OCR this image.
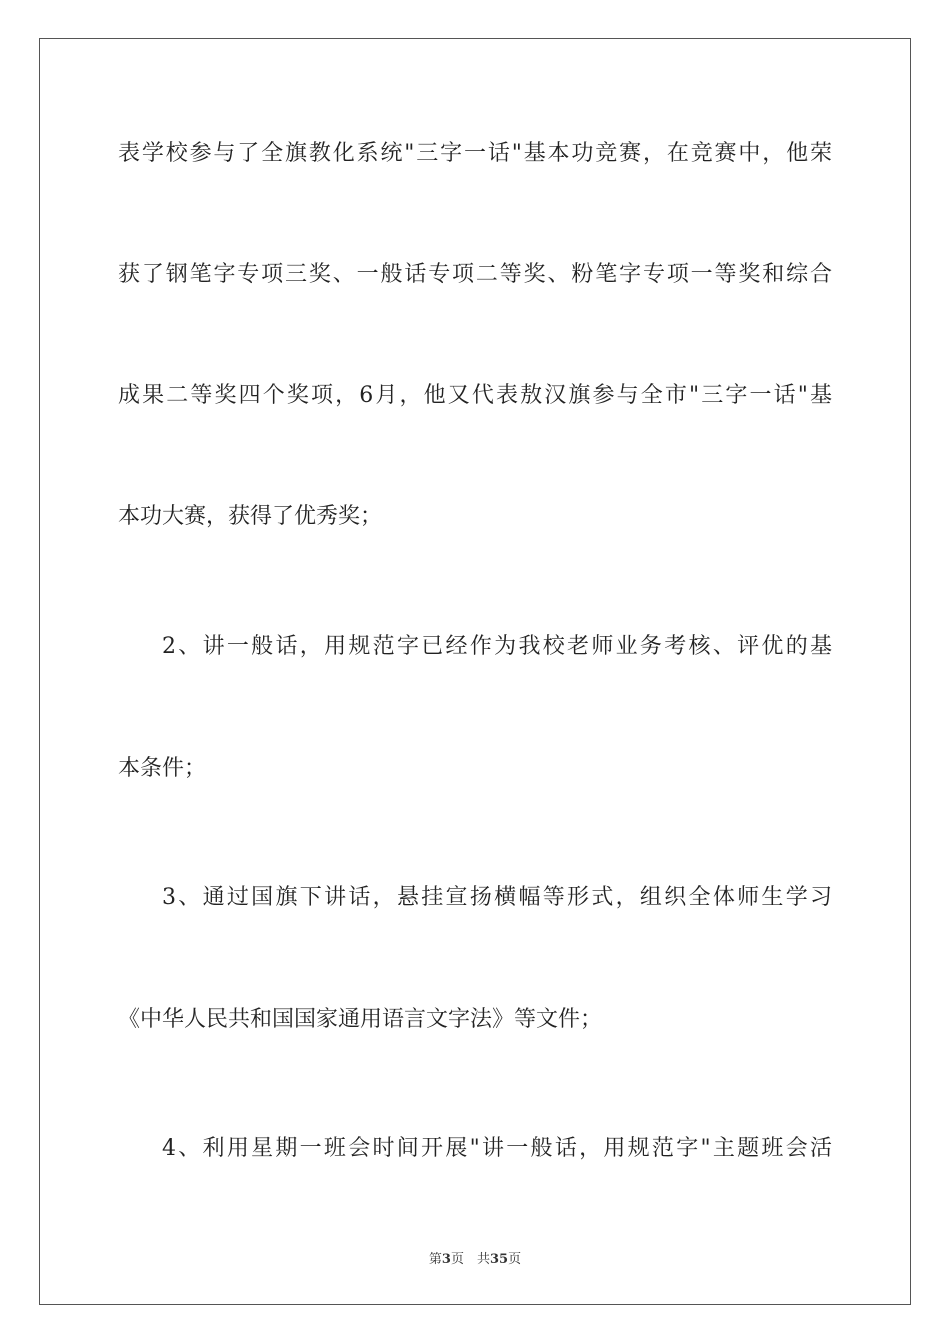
表学校参与了全旗教化系统"三字一话"基本功竞赛，在竞赛中，他荣
获了钢笔字专项三奖、一般话专项二等奖、粉笔字专项一等奖和综合
成果二等奖四个奖项，6月，他又代表敖汉旗参与全市"三字一话"基
本功大赛，获得了优秀奖；
2、讲一般话，用规范字已经作为我校老师业务考核、评优的基
本条件；
3、通过国旗下讲话，悬挂宣扬横幅等形式，组织全体师生学习
《中华人民共和国国家通用语言文字法》等文件；
4、利用星期一班会时间开展"讲一般话，用规范字"主题班会活
第3页　共35页
